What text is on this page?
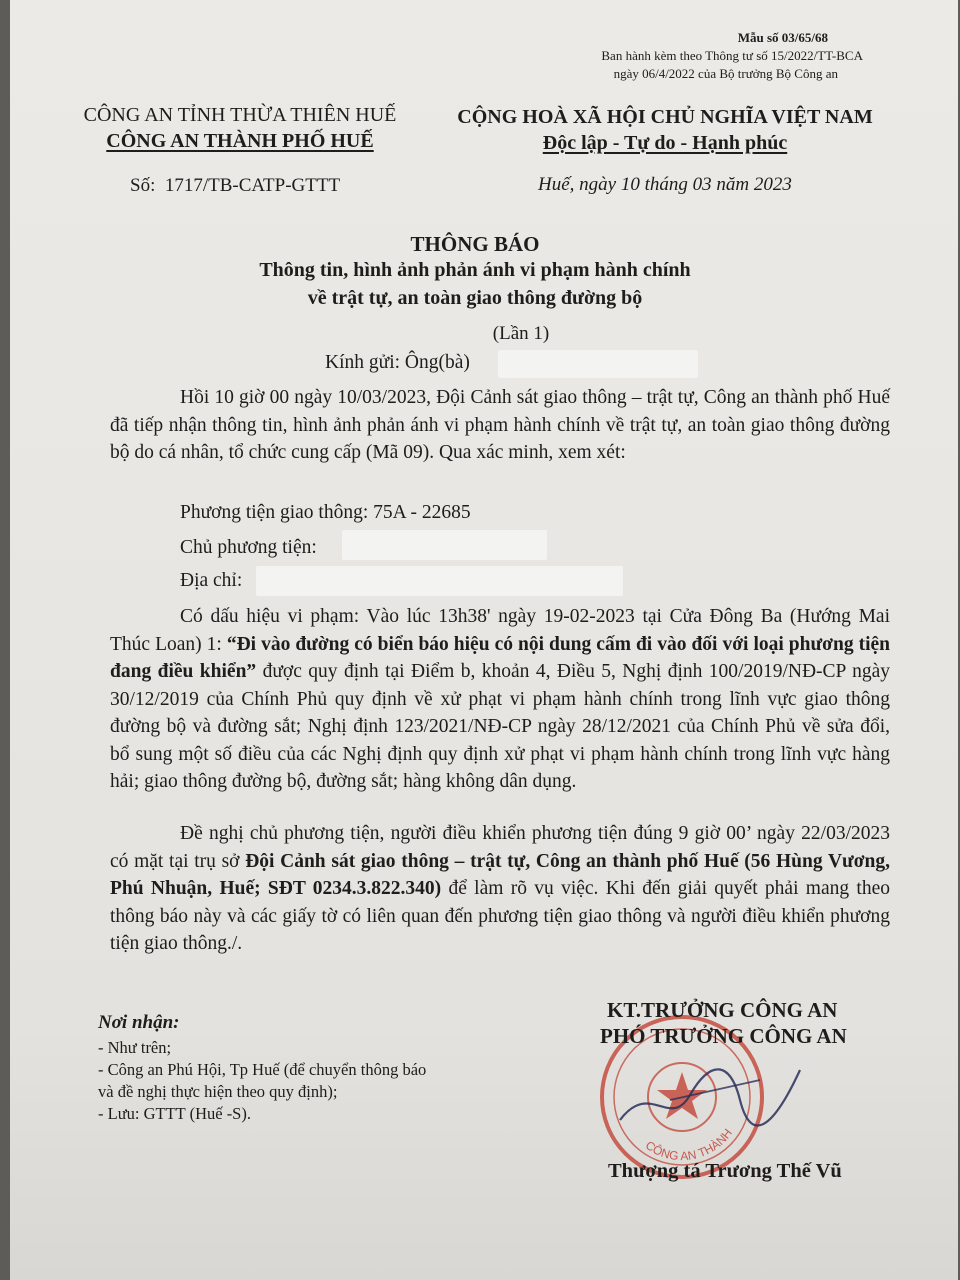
Mẫu số 03/65/68
Ban hành kèm theo Thông tư số 15/2022/TT-BCA
ngày 06/4/2022 của Bộ trưởng Bộ Công an
CÔNG AN TỈNH THỪA THIÊN HUẾ
CÔNG AN THÀNH PHỐ HUẾ
CỘNG HOÀ XÃ HỘI CHỦ NGHĨA VIỆT NAM
Độc lập - Tự do - Hạnh phúc
Số: 1717/TB-CATP-GTTT	Huế, ngày 10 tháng 03 năm 2023
THÔNG BÁO
Thông tin, hình ảnh phản ánh vi phạm hành chính
về trật tự, an toàn giao thông đường bộ
(Lần 1)
Kính gửi: Ông(bà)
Hồi 10 giờ 00 ngày 10/03/2023, Đội Cảnh sát giao thông – trật tự, Công an thành phố Huế đã tiếp nhận thông tin, hình ảnh phản ánh vi phạm hành chính về trật tự, an toàn giao thông đường bộ do cá nhân, tổ chức cung cấp (Mã 09). Qua xác minh, xem xét:
Phương tiện giao thông: 75A - 22685
Chủ phương tiện:
Địa chỉ:
Có dấu hiệu vi phạm: Vào lúc 13h38' ngày 19-02-2023 tại Cửa Đông Ba (Hướng Mai Thúc Loan) 1: “Đi vào đường có biển báo hiệu có nội dung cấm đi vào đối với loại phương tiện đang điều khiển” được quy định tại Điểm b, khoản 4, Điều 5, Nghị định 100/2019/NĐ-CP ngày 30/12/2019 của Chính Phủ quy định về xử phạt vi phạm hành chính trong lĩnh vực giao thông đường bộ và đường sắt; Nghị định 123/2021/NĐ-CP ngày 28/12/2021 của Chính Phủ về sửa đổi, bổ sung một số điều của các Nghị định quy định xử phạt vi phạm hành chính trong lĩnh vực hàng hải; giao thông đường bộ, đường sắt; hàng không dân dụng.
Đề nghị chủ phương tiện, người điều khiển phương tiện đúng 9 giờ 00’ ngày 22/03/2023 có mặt tại trụ sở Đội Cảnh sát giao thông – trật tự, Công an thành phố Huế (56 Hùng Vương, Phú Nhuận, Huế; SĐT 0234.3.822.340) để làm rõ vụ việc. Khi đến giải quyết phải mang theo thông báo này và các giấy tờ có liên quan đến phương tiện giao thông và người điều khiển phương tiện giao thông./.
Nơi nhận:
- Như trên;
- Công an Phú Hội, Tp Huế (để chuyển thông báo
và đề nghị thực hiện theo quy định);
- Lưu: GTTT (Huế -S).
CÔNG AN THÀNH
KT.TRƯỞNG CÔNG AN
PHÓ TRƯỞNG CÔNG AN
Thượng tá Trương Thế Vũ
